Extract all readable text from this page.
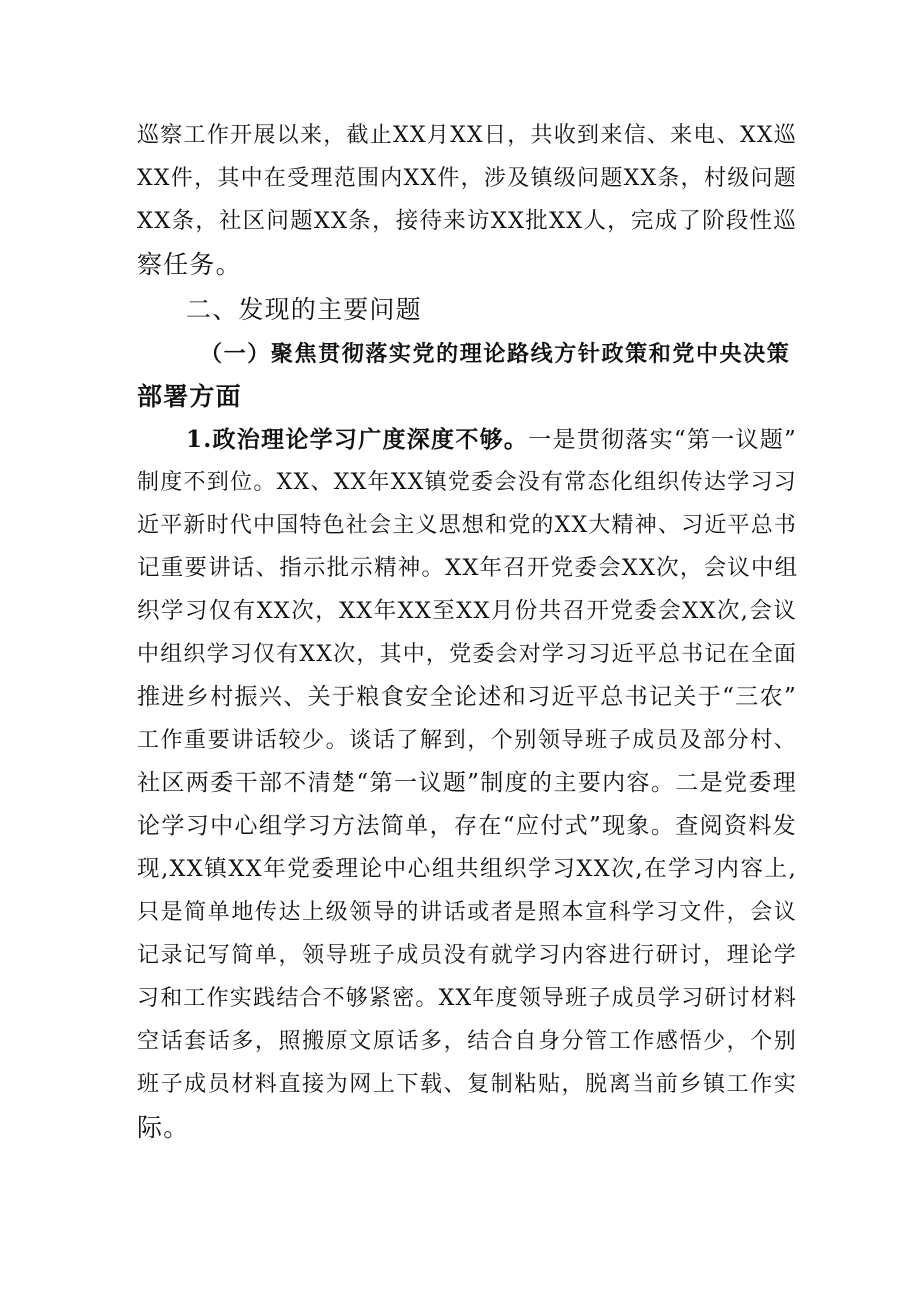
巡察工作开展以来，截止XX月XX日，共收到来信、来电、XX巡
XX件，其中在受理范围内XX件，涉及镇级问题XX条，村级问题
XX条，社区问题XX条，接待来访XX批XX人，完成了阶段性巡
察任务。
二、发现的主要问题
（一）聚焦贯彻落实党的理论路线方针政策和党中央决策
部署方面
1.政治理论学习广度深度不够。一是贯彻落实“第一议题”
制度不到位。XX、XX年XX镇党委会没有常态化组织传达学习习
近平新时代中国特色社会主义思想和党的XX大精神、习近平总书
记重要讲话、指示批示精神。XX年召开党委会XX次，会议中组
织学习仅有XX次，XX年XX至XX月份共召开党委会XX次,会议
中组织学习仅有XX次，其中，党委会对学习习近平总书记在全面
推进乡村振兴、关于粮食安全论述和习近平总书记关于“三农”
工作重要讲话较少。谈话了解到，个别领导班子成员及部分村、
社区两委干部不清楚“第一议题”制度的主要内容。二是党委理
论学习中心组学习方法简单，存在“应付式”现象。查阅资料发
现,XX镇XX年党委理论中心组共组织学习XX次,在学习内容上,
只是简单地传达上级领导的讲话或者是照本宣科学习文件，会议
记录记写简单，领导班子成员没有就学习内容进行研讨，理论学
习和工作实践结合不够紧密。XX年度领导班子成员学习研讨材料
空话套话多，照搬原文原话多，结合自身分管工作感悟少，个别
班子成员材料直接为网上下载、复制粘贴，脱离当前乡镇工作实
际。
